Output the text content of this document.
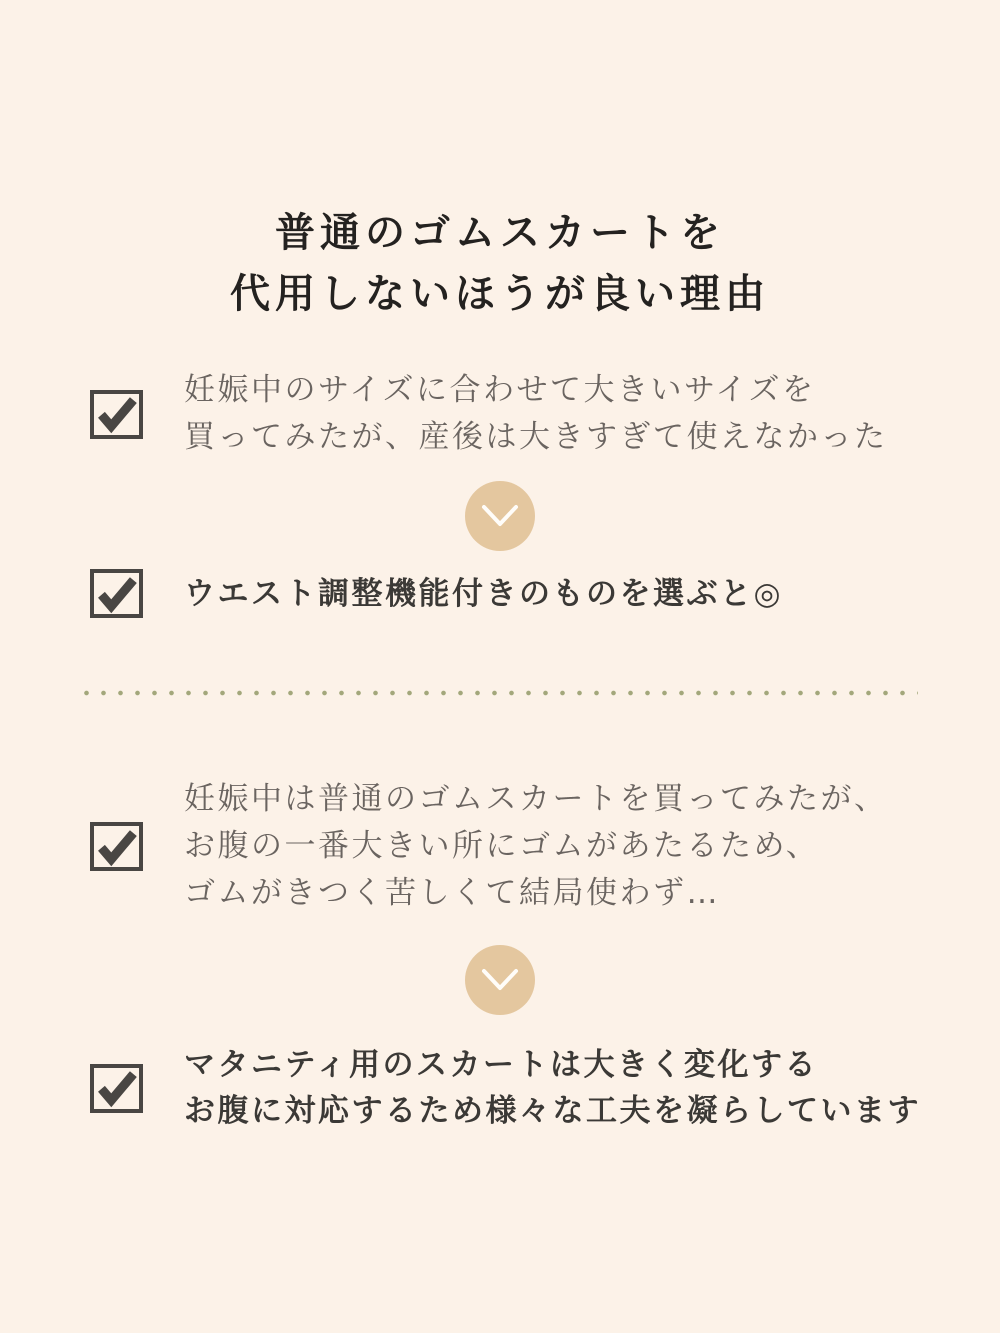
普通のゴムスカートを
代用しないほうが良い理由

妊娠中のサイズに合わせて大きいサイズを
買ってみたが、産後は大きすぎて使えなかった

ウエスト調整機能付きのものを選ぶと◎

妊娠中は普通のゴムスカートを買ってみたが、
お腹の一番大きい所にゴムがあたるため、
ゴムがきつく苦しくて結局使わず…

マタニティ用のスカートは大きく変化する
お腹に対応するため様々な工夫を凝らしています
